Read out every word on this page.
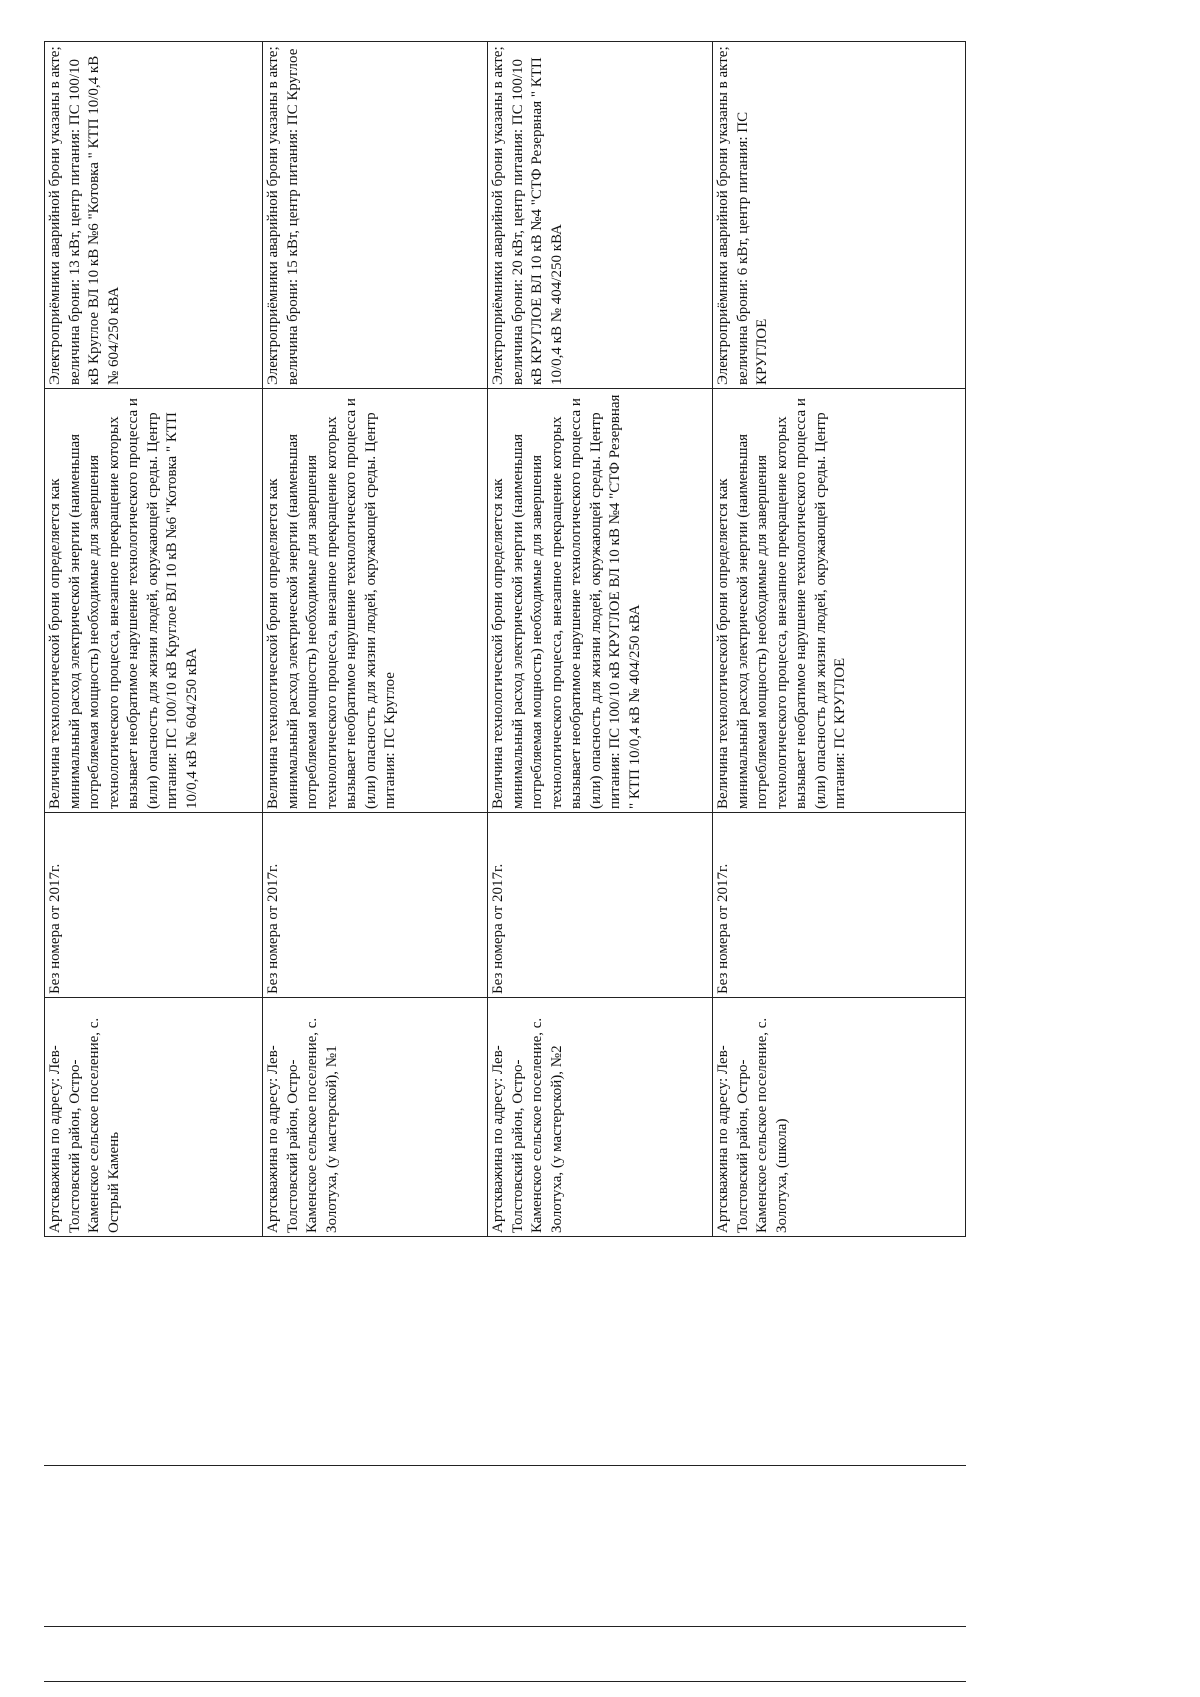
Артскважина по адресу: Лев-Толстовский район, Остро-Каменское сельское поселение, с. Острый Камень	Без номера от 2017г.	Величина технологической брони определяется как минимальный расход электрической энергии (наименьшая потребляемая мощность) необходимые для завершения технологического процесса, внезапное прекращение которых вызывает необратимое нарушение технологического процесса и (или) опасность для жизни людей, окружающей среды. Центр питания: ПС 100/10 кВ Круглое ВЛ 10 кВ №6 "Котовка " КТП 10/0,4 кВ № 604/250 кВА	Электроприёмники аварийной брони указаны в акте; величина брони: 13 кВт, центр питания: ПС 100/10 кВ Круглое ВЛ 10 кВ №6 "Котовка " КТП 10/0,4 кВ № 604/250 кВА
Артскважина по адресу: Лев-Толстовский район, Остро-Каменское сельское поселение, с. Золотуха, (у мастерской), №1	Без номера от 2017г.	Величина технологической брони определяется как минимальный расход электрической энергии (наименьшая потребляемая мощность) необходимые для завершения технологического процесса, внезапное прекращение которых вызывает необратимое нарушение технологического процесса и (или) опасность для жизни людей, окружающей среды. Центр питания: ПС Круглое	Электроприёмники аварийной брони указаны в акте; величина брони: 15 кВт, центр питания: ПС Круглое
Артскважина по адресу: Лев-Толстовский район, Остро-Каменское сельское поселение, с. Золотуха, (у мастерской), №2	Без номера от 2017г.	Величина технологической брони определяется как минимальный расход электрической энергии (наименьшая потребляемая мощность) необходимые для завершения технологического процесса, внезапное прекращение которых вызывает необратимое нарушение технологического процесса и (или) опасность для жизни людей, окружающей среды. Центр питания: ПС 100/10 кВ КРУГЛОЕ ВЛ 10 кВ №4 "СТФ Резервная " КТП 10/0,4 кВ № 404/250 кВА	Электроприёмники аварийной брони указаны в акте; величина брони: 20 кВт, центр питания: ПС 100/10 кВ КРУГЛОЕ ВЛ 10 кВ №4 "СТФ Резервная " КТП 10/0,4 кВ № 404/250 кВА
Артскважина по адресу: Лев-Толстовский район, Остро-Каменское сельское поселение, с. Золотуха, (школа)	Без номера от 2017г.	Величина технологической брони определяется как минимальный расход электрической энергии (наименьшая потребляемая мощность) необходимые для завершения технологического процесса, внезапное прекращение которых вызывает необратимое нарушение технологического процесса и (или) опасность для жизни людей, окружающей среды. Центр питания: ПС КРУГЛОЕ	Электроприёмники аварийной брони указаны в акте; величина брони: 6 кВт, центр питания: ПС КРУГЛОЕ
